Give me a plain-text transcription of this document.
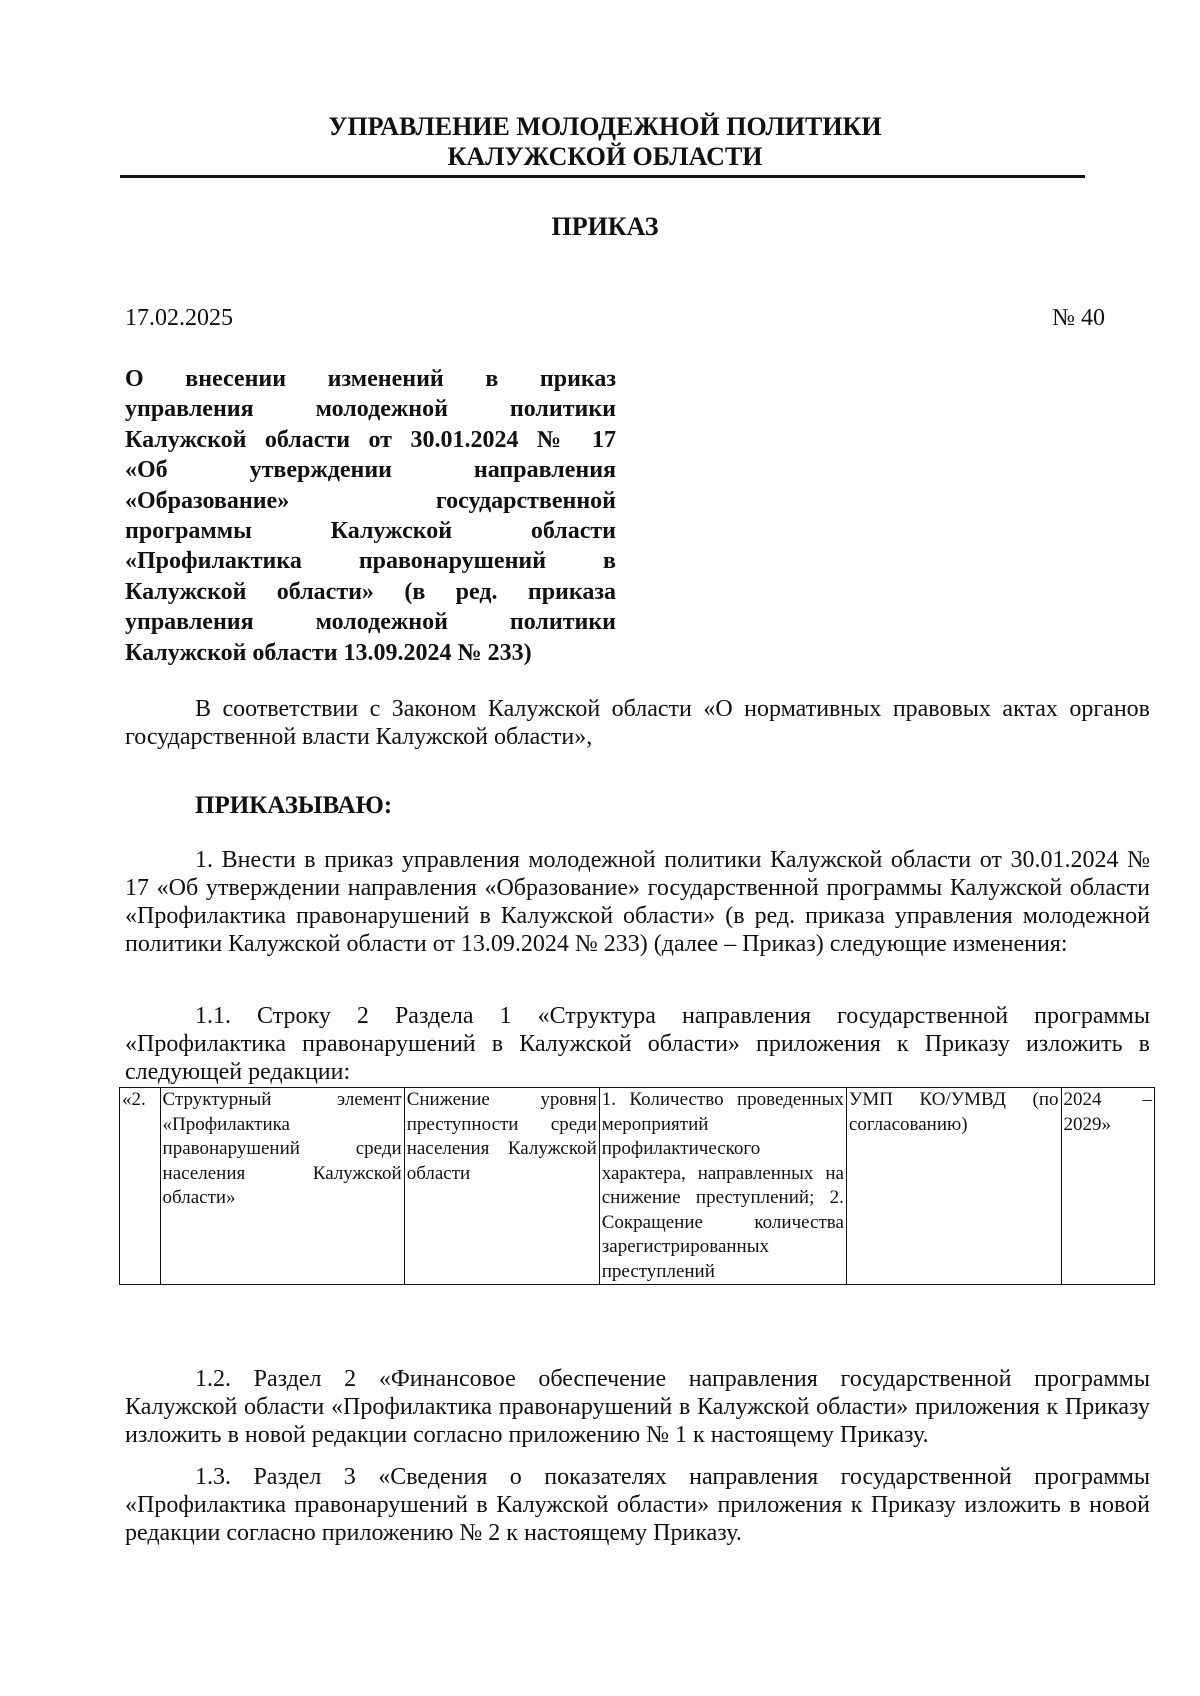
УПРАВЛЕНИЕ МОЛОДЕЖНОЙ ПОЛИТИКИ
КАЛУЖСКОЙ ОБЛАСТИ
ПРИКАЗ
17.02.2025	№ 40
О внесении изменений в приказ
управления молодежной политики
Калужской области от 30.01.2024 № 17
«Об утверждении направления
«Образование» государственной
программы Калужской области
«Профилактика правонарушений в
Калужской области» (в ред. приказа
управления молодежной политики
Калужской области 13.09.2024 № 233)
В соответствии с Законом Калужской области «О нормативных правовых актах органов государственной власти Калужской области»,
ПРИКАЗЫВАЮ:
1. Внести в приказ управления молодежной политики Калужской области от 30.01.2024 № 17 «Об утверждении направления «Образование» государственной программы Калужской области «Профилактика правонарушений в Калужской области» (в ред. приказа управления молодежной политики Калужской области от 13.09.2024 № 233) (далее – Приказ) следующие изменения:
1.1. Строку 2 Раздела 1 «Структура направления государственной программы «Профилактика правонарушений в Калужской области» приложения к Приказу изложить в следующей редакции:
«2.	Структурный элемент «Профилактика правонарушений среди населения Калужской области»	Снижение уровня преступности среди населения Калужской области	1. Количество проведенных мероприятий профилактического характера, направленных на снижение преступлений; 2. Сокращение количества зарегистрированных преступлений	УМП КО/УМВД (по согласованию)	2024 – 2029»
1.2. Раздел 2 «Финансовое обеспечение направления государственной программы Калужской области «Профилактика правонарушений в Калужской области» приложения к Приказу изложить в новой редакции согласно приложению № 1 к настоящему Приказу.
1.3. Раздел 3 «Сведения о показателях направления государственной программы «Профилактика правонарушений в Калужской области» приложения к Приказу изложить в новой редакции согласно приложению № 2 к настоящему Приказу.
